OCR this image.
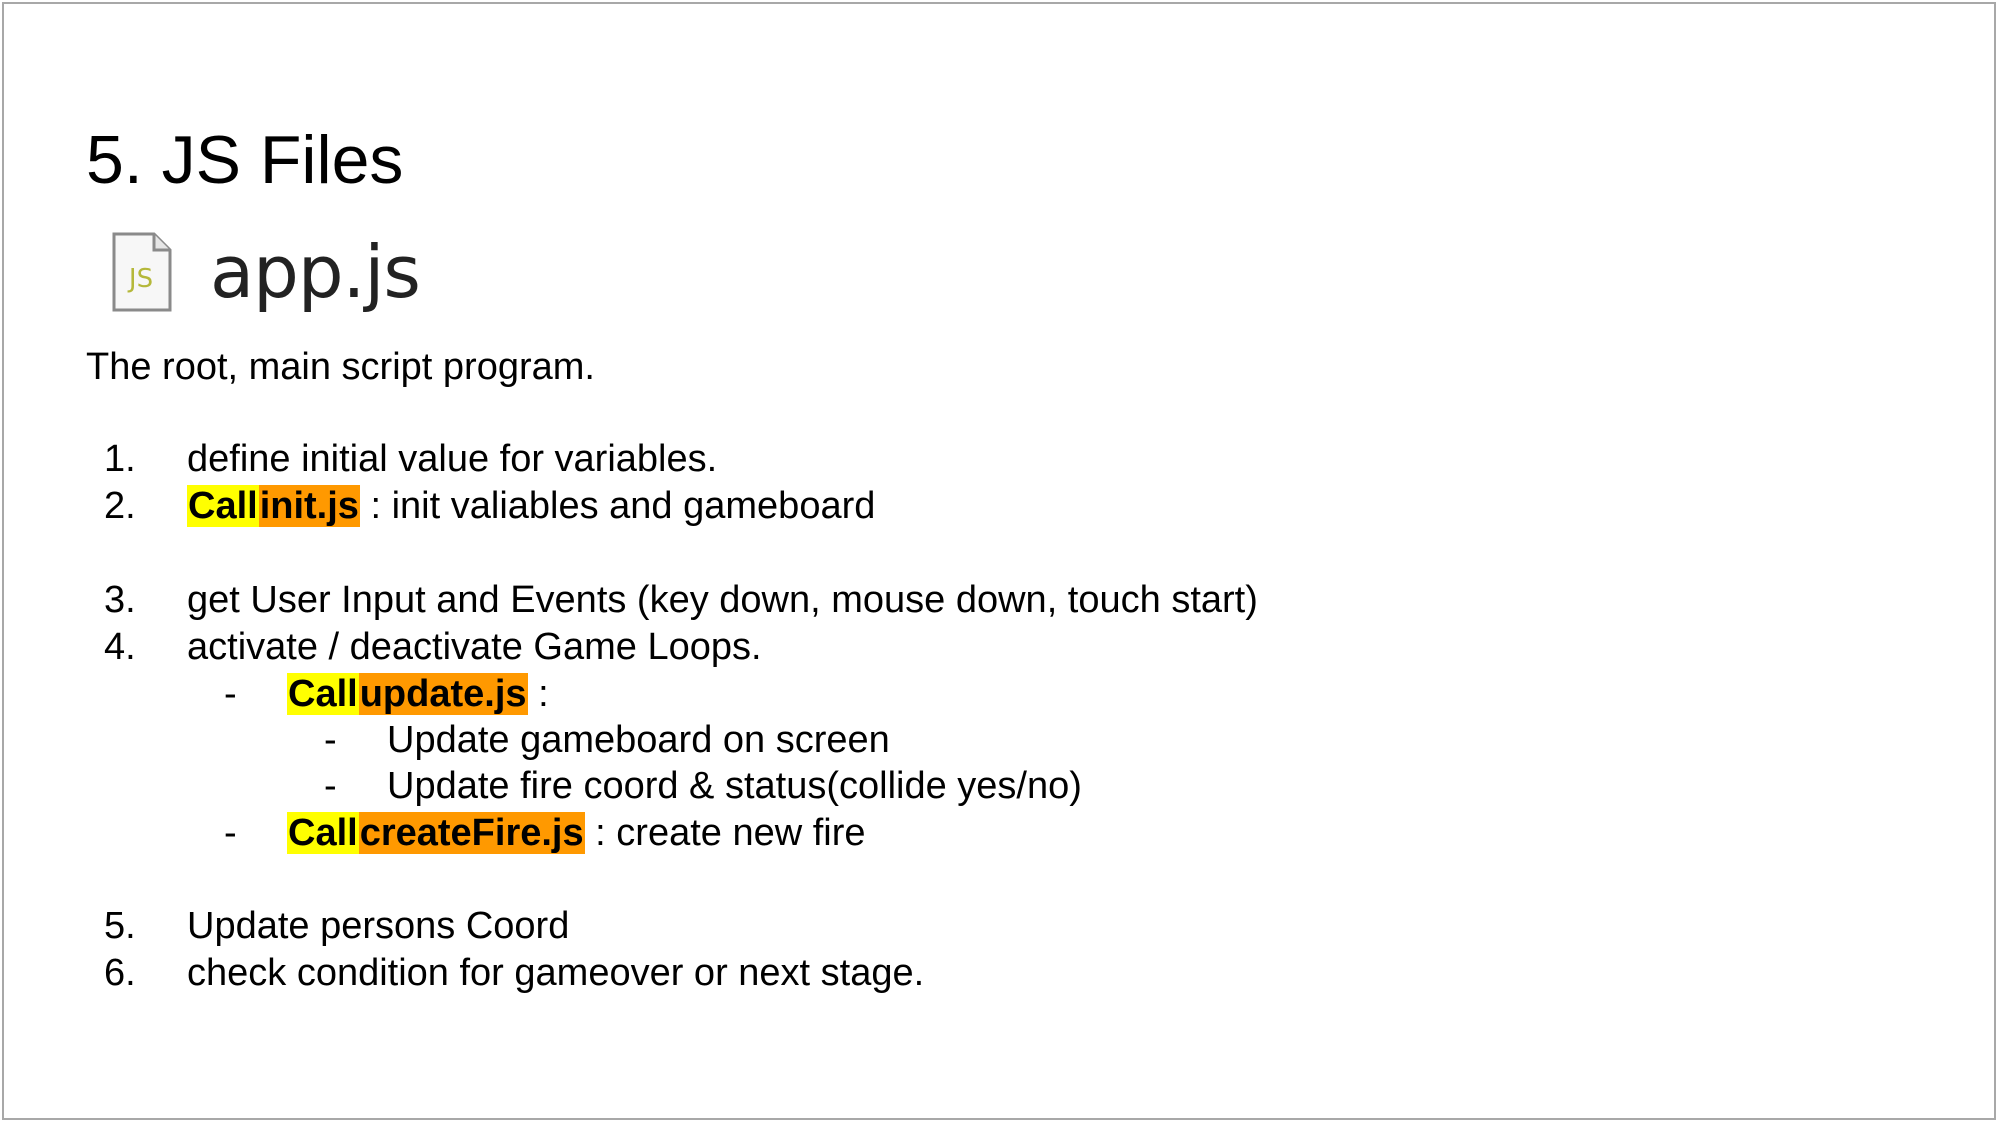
5. JS Files
JS app.js
The root, main script program.
1. define initial value for variables.
2. Callinit.js : init valiables and gameboard
3. get User Input and Events (key down, mouse down, touch start)
4. activate / deactivate Game Loops.
- Callupdate.js :
- Update gameboard on screen
- Update fire coord & status(collide yes/no)
- CallcreateFire.js : create new fire
5. Update persons Coord
6. check condition for gameover or next stage.
